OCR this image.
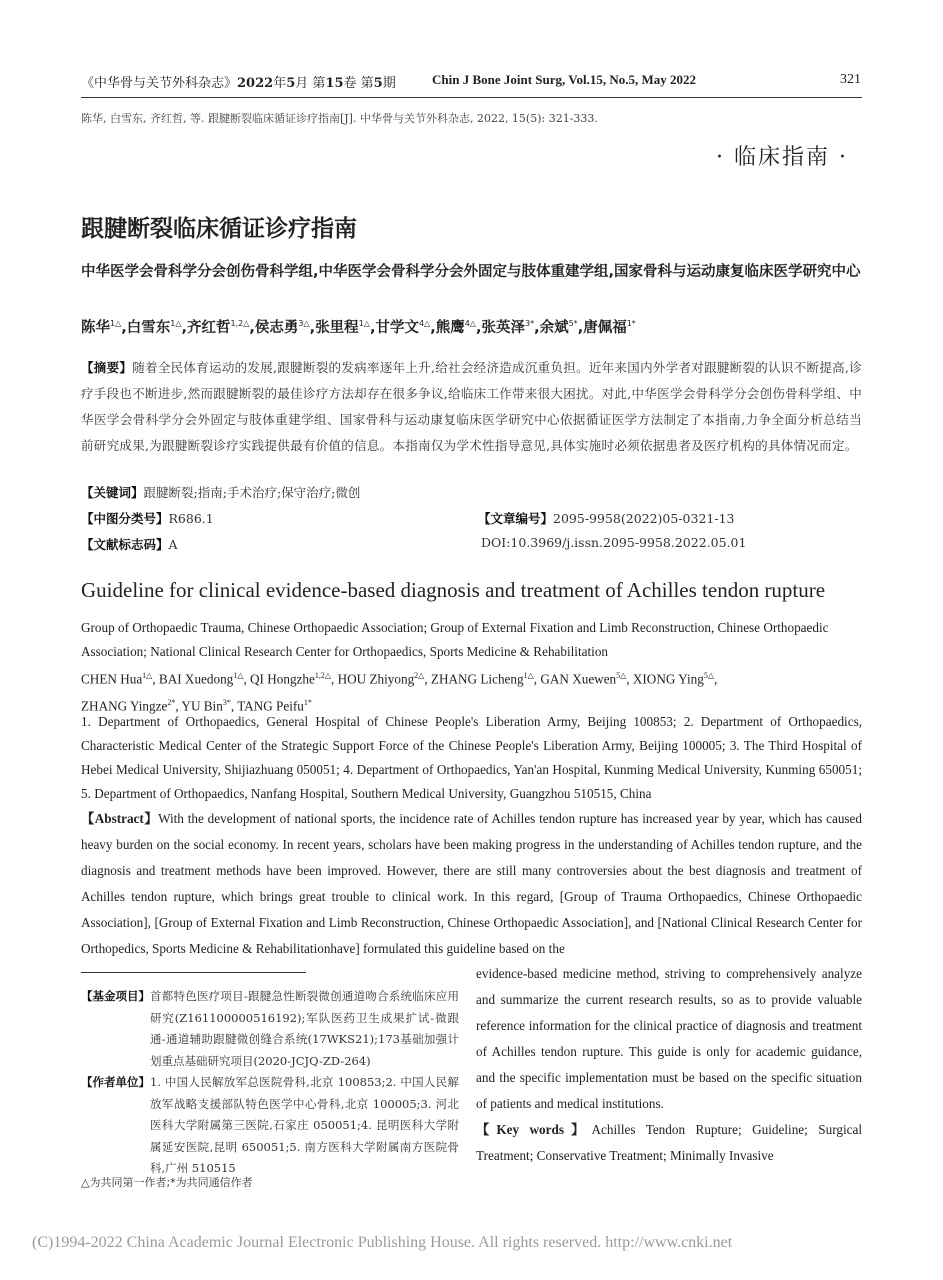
《中华骨与关节外科杂志》2022年5月 第15卷 第5期	Chin J Bone Joint Surg, Vol.15, No.5, May 2022	321
陈华, 白雪东, 齐红哲, 等. 跟腱断裂临床循证诊疗指南[J]. 中华骨与关节外科杂志, 2022, 15(5): 321-333.
· 临床指南 ·
跟腱断裂临床循证诊疗指南
中华医学会骨科学分会创伤骨科学组,中华医学会骨科学分会外固定与肢体重建学组,国家骨科与运动康复临床医学研究中心
陈华$^{1\triangle}$,白雪东$^{1\triangle}$,齐红哲$^{1,2\triangle}$,侯志勇$^{3\triangle}$,张里程$^{1\triangle}$,甘学文$^{4\triangle}$,熊鹰$^{4\triangle}$,张英泽$^{3*}$,余斌$^{5*}$,唐佩福$^{1*}$
【摘要】随着全民体育运动的发展,跟腱断裂的发病率逐年上升,给社会经济造成沉重负担。近年来国内外学者对跟腱断裂的认识不断提高,诊疗手段也不断进步,然而跟腱断裂的最佳诊疗方法却存在很多争议,给临床工作带来很大困扰。对此,中华医学会骨科学分会创伤骨科学组、中华医学会骨科学分会外固定与肢体重建学组、国家骨科与运动康复临床医学研究中心依据循证医学方法制定了本指南,力争全面分析总结当前研究成果,为跟腱断裂诊疗实践提供最有价值的信息。本指南仅为学术性指导意见,具体实施时必须依据患者及医疗机构的具体情况而定。
【关键词】跟腱断裂;指南;手术治疗;保守治疗;微创
【中图分类号】R686.1	【文章编号】2095-9958(2022)05-0321-13
【文献标志码】A	DOI:10.3969/j.issn.2095-9958.2022.05.01
Guideline for clinical evidence-based diagnosis and treatment of Achilles tendon rupture
Group of Orthopaedic Trauma, Chinese Orthopaedic Association; Group of External Fixation and Limb Reconstruction, Chinese Orthopaedic Association; National Clinical Research Center for Orthopaedics, Sports Medicine & Rehabilitation
CHEN Hua$^{1\triangle}$, BAI Xuedong$^{1\triangle}$, QI Hongzhe$^{1,2\triangle}$, HOU Zhiyong$^{2\triangle}$, ZHANG Licheng$^{1\triangle}$, GAN Xuewen$^{5\triangle}$, XIONG Ying$^{5\triangle}$,
ZHANG Yingze$^{2*}$, YU Bin$^{3*}$, TANG Peifu$^{1*}$
1. Department of Orthopaedics, General Hospital of Chinese People's Liberation Army, Beijing 100853; 2. Department of Orthopaedics, Characteristic Medical Center of the Strategic Support Force of the Chinese People's Liberation Army, Beijing 100005; 3. The Third Hospital of Hebei Medical University, Shijiazhuang 050051; 4. Department of Orthopaedics, Yan'an Hospital, Kunming Medical University, Kunming 650051; 5. Department of Orthopaedics, Nanfang Hospital, Southern Medical University, Guangzhou 510515, China
【Abstract】With the development of national sports, the incidence rate of Achilles tendon rupture has increased year by year, which has caused heavy burden on the social economy. In recent years, scholars have been making progress in the understanding of Achilles tendon rupture, and the diagnosis and treatment methods have been improved. However, there are still many controversies about the best diagnosis and treatment of Achilles tendon rupture, which brings great trouble to clinical work. In this regard, [Group of Trauma Orthopaedics, Chinese Orthopaedic Association], [Group of External Fixation and Limb Reconstruction, Chinese Orthopaedic Association], and [National Clinical Research Center for Orthopedics, Sports Medicine & Rehabilitationhave] formulated this guideline based on the
evidence-based medicine method, striving to comprehensively analyze and summarize the current research results, so as to provide valuable reference information for the clinical practice of diagnosis and treatment of Achilles tendon rupture. This guide is only for academic guidance, and the specific implementation must be based on the specific situation of patients and medical institutions.
【Key words】Achilles Tendon Rupture; Guideline; Surgical Treatment; Conservative Treatment; Minimally Invasive
【基金项目】 首都特色医疗项目-跟腱急性断裂微创通道吻合系统临床应用研究(Z161100000516192);军队医药卫生成果扩试-微跟通-通道辅助跟腱微创缝合系统(17WKS21);173基础加强计划重点基础研究项目(2020-JCJQ-ZD-264)
【作者单位】 1. 中国人民解放军总医院骨科,北京 100853;2. 中国人民解放军战略支援部队特色医学中心骨科,北京 100005;3. 河北医科大学附属第三医院,石家庄 050051;4. 昆明医科大学附属延安医院,昆明 650051;5. 南方医科大学附属南方医院骨科,广州 510515
△为共同第一作者;*为共同通信作者
(C)1994-2022 China Academic Journal Electronic Publishing House. All rights reserved. http://www.cnki.net
